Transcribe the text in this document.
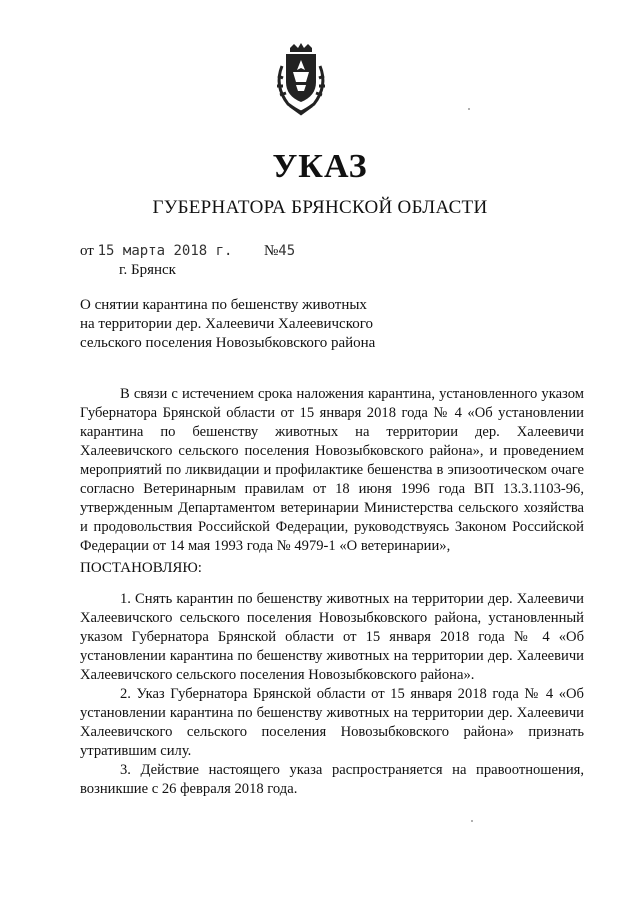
УКАЗ
ГУБЕРНАТОРА БРЯНСКОЙ ОБЛАСТИ
от 15 марта 2018 г. №45
г. Брянск

О снятии карантина по бешенству животных

на территории дер. Халеевичи Халеевичского

сельского поселения Новозыбковского района

В связи с истечением срока наложения карантина, установленного указом Губернатора Брянской области от 15 января 2018 года № 4 «Об установлении карантина по бешенству животных на территории дер. Халеевичи Халеевичского сельского поселения Новозыбковского района», и проведением мероприятий по ликвидации и профилактике бешенства в эпизоотическом очаге согласно Ветеринарным правилам от 18 июня 1996 года ВП 13.3.1103-96, утвержденным Департаментом ветеринарии Министерства сельского хозяйства и продовольствия Российской Федерации, руководствуясь Законом Российской Федерации от 14 мая 1993 года № 4979-1 «О ветеринарии»,

ПОСТАНОВЛЯЮ:

1. Снять карантин по бешенству животных на территории дер. Халеевичи Халеевичского сельского поселения Новозыбковского района, установленный указом Губернатора Брянской области от 15 января 2018 года № 4 «Об установлении карантина по бешенству животных на территории дер. Халеевичи Халеевичского сельского поселения Новозыбковского района».

2. Указ Губернатора Брянской области от 15 января 2018 года № 4 «Об установлении карантина по бешенству животных на территории дер. Халеевичи Халеевичского сельского поселения Новозыбковского района» признать утратившим силу.

3. Действие настоящего указа распространяется на правоотношения, возникшие с 26 февраля 2018 года.
